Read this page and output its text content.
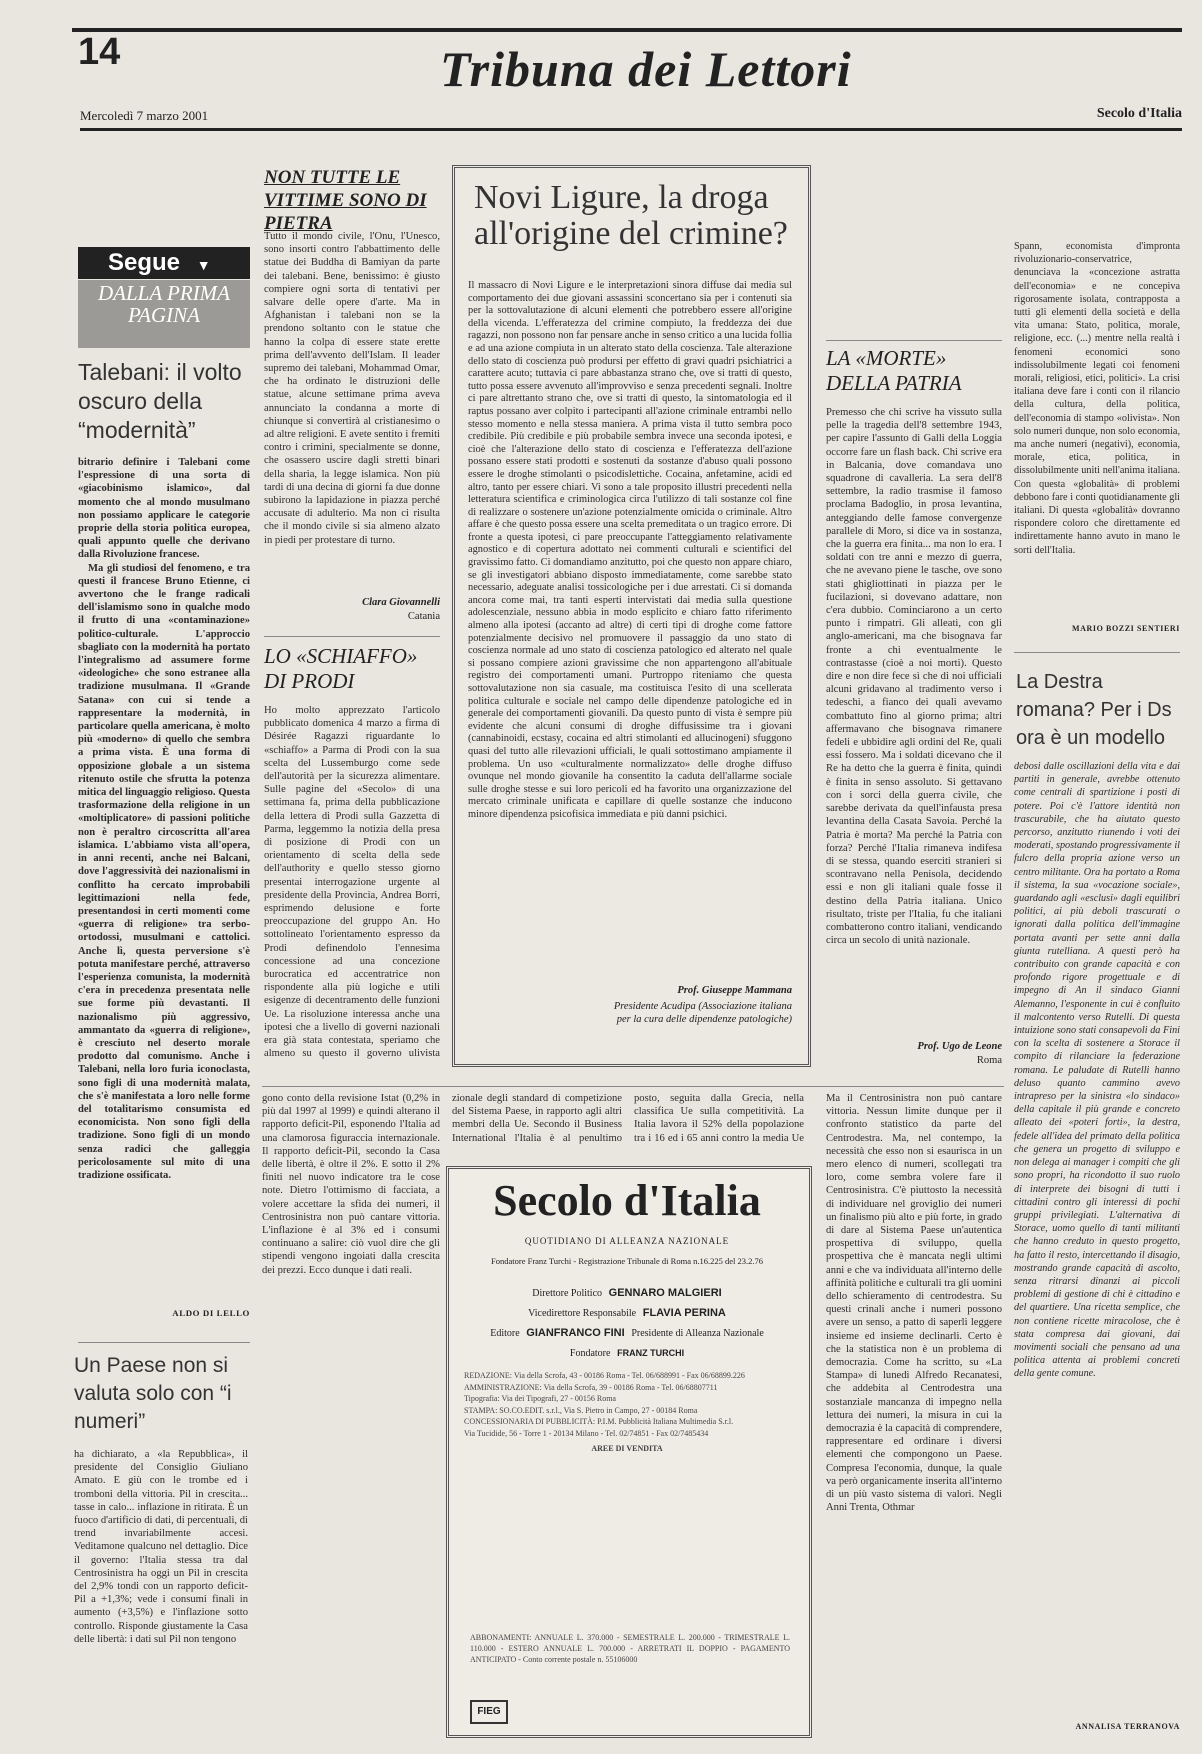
14	Tribuna dei Lettori
Mercoledì 7 marzo 2001	Secolo d'Italia
Segue ▼
DALLA PRIMA PAGINA
Talebani: il volto oscuro della “modernità”

bitrario definire i Talebani come l'espressione di una sorta di «giacobinismo islamico», dal momento che al mondo musulmano non possiamo applicare le categorie proprie della storia politica europea, quali appunto quelle che derivano dalla Rivoluzione francese.

Ma gli studiosi del fenomeno, e tra questi il francese Bruno Etienne, ci avvertono che le frange radicali dell'islamismo sono in qualche modo il frutto di una «contaminazione» politico-culturale. L'approccio sbagliato con la modernità ha portato l'integralismo ad assumere forme «ideologiche» che sono estranee alla tradizione musulmana. Il «Grande Satana» con cui si tende a rappresentare la modernità, in particolare quella americana, è molto più «moderno» di quello che sembra a prima vista. È una forma di opposizione globale a un sistema ritenuto ostile che sfrutta la potenza mitica del linguaggio religioso. Questa trasformazione della religione in un «moltiplicatore» di passioni politiche non è peraltro circoscritta all'area islamica. L'abbiamo vista all'opera, in anni recenti, anche nei Balcani, dove l'aggressività dei nazionalismi in conflitto ha cercato improbabili legittimazioni nella fede, presentandosi in certi momenti come «guerra di religione» tra serbo-ortodossi, musulmani e cattolici. Anche lì, questa perversione s'è potuta manifestare perché, attraverso l'esperienza comunista, la modernità c'era in precedenza presentata nelle sue forme più devastanti. Il nazionalismo più aggressivo, ammantato da «guerra di religione», è cresciuto nel deserto morale prodotto dal comunismo. Anche i Talebani, nella loro furia iconoclasta, sono figli di una modernità malata, che s'è manifestata a loro nelle forme del totalitarismo consumista ed economicista. Non sono figli della tradizione. Sono figli di un mondo senza radici che galleggia pericolosamente sul mito di una tradizione ossificata.

ALDO DI LELLO
Un Paese non si valuta solo con “i numeri”

ha dichiarato, a «la Repubblica», il presidente del Consiglio Giuliano Amato. E giù con le trombe ed i tromboni della vittoria. Pil in crescita... tasse in calo... inflazione in ritirata. È un fuoco d'artificio di dati, di percentuali, di trend invariabilmente accesi. Veditamone qualcuno nel dettaglio. Dice il governo: l'Italia stessa tra dal Centrosinistra ha oggi un Pil in crescita del 2,9% tondi con un rapporto deficit-Pil a +1,3%; vede i consumi finali in aumento (+3,5%) e l'inflazione sotto controllo. Risponde giustamente la Casa delle libertà: i dati sul Pil non tengono

NON TUTTE LE VITTIME SONO DI PIETRA

Tutto il mondo civile, l'Onu, l'Unesco, sono insorti contro l'abbattimento delle statue dei Buddha di Bamiyan da parte dei talebani. Bene, benissimo: è giusto compiere ogni sorta di tentativi per salvare delle opere d'arte. Ma in Afghanistan i talebani non se la prendono soltanto con le statue che hanno la colpa di essere state erette prima dell'avvento dell'Islam. Il leader supremo dei talebani, Mohammad Omar, che ha ordinato le distruzioni delle statue, alcune settimane prima aveva annunciato la condanna a morte di chiunque si convertirà al cristianesimo o ad altre religioni. E avete sentito i fremiti contro i crimini, specialmente se donne, che osassero uscire dagli stretti binari della sharia, la legge islamica. Non più tardi di una decina di giorni fa due donne subirono la lapidazione in piazza perché accusate di adulterio. Ma non ci risulta che il mondo civile si sia almeno alzato in piedi per protestare di turno.

Clara Giovannelli
Catania
LO «SCHIAFFO» DI PRODI

Ho molto apprezzato l'articolo pubblicato domenica 4 marzo a firma di Désirée Ragazzi riguardante lo «schiaffo» a Parma di Prodi con la sua scelta del Lussemburgo come sede dell'autorità per la sicurezza alimentare. Sulle pagine del «Secolo» di una settimana fa, prima della pubblicazione della lettera di Prodi sulla Gazzetta di Parma, leggemmo la notizia della presa di posizione di Prodi con un orientamento di scelta della sede dell'authority e quello stesso giorno presentai interrogazione urgente al presidente della Provincia, Andrea Borri, esprimendo delusione e forte preoccupazione del gruppo An. Ho sottolineato l'orientamento espresso da Prodi definendolo l'ennesima concessione ad una concezione burocratica ed accentratrice non rispondente alla più logiche e utili esigenze di decentramento delle funzioni Ue. La risoluzione interessa anche una ipotesi che a livello di governi nazionali era già stata contestata, speriamo che almeno su questo il governo ulivista

Novi Ligure, la droga all'origine del crimine?

Il massacro di Novi Ligure e le interpretazioni sinora diffuse dai media sul comportamento dei due giovani assassini sconcertano sia per i contenuti sia per la sottovalutazione di alcuni elementi che potrebbero essere all'origine della vicenda. L'efferatezza del crimine compiuto, la freddezza dei due ragazzi, non possono non far pensare anche in senso critico a una lucida follia e ad una azione compiuta in un alterato stato della coscienza. Tale alterazione dello stato di coscienza può prodursi per effetto di gravi quadri psichiatrici a carattere acuto; tuttavia ci pare abbastanza strano che, ove si tratti di questo, tutto possa essere avvenuto all'improvviso e senza precedenti segnali. Inoltre ci pare altrettanto strano che, ove si tratti di questo, la sintomatologia ed il raptus possano aver colpito i partecipanti all'azione criminale entrambi nello stesso momento e nella stessa maniera. A prima vista il tutto sembra poco credibile. Più credibile e più probabile sembra invece una seconda ipotesi, e cioè che l'alterazione dello stato di coscienza e l'efferatezza dell'azione possano essere stati prodotti e sostenuti da sostanze d'abuso quali possono essere le droghe stimolanti o psicodislettiche. Cocaina, anfetamine, acidi ed altro, tanto per essere chiari. Vi sono a tale proposito illustri precedenti nella letteratura scientifica e criminologica circa l'utilizzo di tali sostanze col fine di realizzare o sostenere un'azione potenzialmente omicida o criminale. Altro affare è che questo possa essere una scelta premeditata o un tragico errore. Di fronte a questa ipotesi, ci pare preoccupante l'atteggiamento relativamente agnostico e di copertura adottato nei commenti culturali e scientifici del gravissimo fatto. Ci domandiamo anzitutto, poi che questo non appare chiaro, se gli investigatori abbiano disposto immediatamente, come sarebbe stato necessario, adeguate analisi tossicologiche per i due arrestati. Ci si domanda ancora come mai, tra tanti esperti intervistati dai media sulla questione adolescenziale, nessuno abbia in modo esplicito e chiaro fatto riferimento almeno alla ipotesi (accanto ad altre) di certi tipi di droghe come fattore potenzialmente decisivo nel promuovere il passaggio da uno stato di coscienza normale ad uno stato di coscienza patologico ed alterato nel quale si possano compiere azioni gravissime che non appartengono all'abituale registro dei comportamenti umani. Purtroppo riteniamo che questa sottovalutazione non sia casuale, ma costituisca l'esito di una scellerata politica culturale e sociale nel campo delle dipendenze patologiche ed in generale dei comportamenti giovanili. Da questo punto di vista è sempre più evidente che alcuni consumi di droghe diffusissime tra i giovani (cannabinoidi, ecstasy, cocaina ed altri stimolanti ed allucinogeni) sfuggono quasi del tutto alle rilevazioni ufficiali, le quali sottostimano ampiamente il problema. Un uso «culturalmente normalizzato» delle droghe diffuso ovunque nel mondo giovanile ha consentito la caduta dell'allarme sociale sulle droghe stesse e sui loro pericoli ed ha favorito una organizzazione del mercato criminale unificata e capillare di quelle sostanze che inducono minore dipendenza psicofisica immediata e più danni psichici.

Prof. Giuseppe Mammana
Presidente Acudipa (Associazione italiana per la cura delle dipendenze patologiche)

LA «MORTE» DELLA PATRIA

Premesso che chi scrive ha vissuto sulla pelle la tragedia dell'8 settembre 1943, per capire l'assunto di Galli della Loggia occorre fare un flash back. Chi scrive era in Balcania, dove comandava uno squadrone di cavalleria. La sera dell'8 settembre, la radio trasmise il famoso proclama Badoglio, in prosa levantina, anteggiando delle famose convergenze parallele di Moro, si dice va in sostanza, che la guerra era finita... ma non lo era. I soldati con tre anni e mezzo di guerra, che ne avevano piene le tasche, ove sono stati ghigliottinati in piazza per le fucilazioni, si dovevano adattare, non c'era dubbio. Cominciarono a un certo punto i rimpatri. Gli alleati, con gli anglo-americani, ma che bisognava far fronte a chi eventualmente le contrastasse (cioè a noi morti). Questo dire e non dire fece sì che di noi ufficiali alcuni gridavano al tradimento verso i tedeschi, a fianco dei quali avevamo combattuto fino al giorno prima; altri affermavano che bisognava rimanere fedeli e ubbidire agli ordini del Re, quali essi fossero. Ma i soldati dicevano che il Re ha detto che la guerra è finita, quindi è finita in senso assoluto. Si gettavano con i sorci della guerra civile, che sarebbe derivata da quell'infausta presa levantina della Casata Savoia. Perché la Patria è morta? Ma perché la Patria con forza? Perché l'Italia rimaneva indifesa di se stessa, quando eserciti stranieri si scontravano nella Penisola, decidendo essi e non gli italiani quale fosse il destino della Patria italiana. Unico risultato, triste per l'Italia, fu che italiani combatterono contro italiani, vendicando circa un secolo di unità nazionale.

Prof. Ugo de Leone
Roma

Spann, economista d'impronta rivoluzionario-conservatrice, denunciava la «concezione astratta dell'economia» e ne concepiva rigorosamente isolata, contrapposta a tutti gli elementi della società e della vita umana: Stato, politica, morale, religione, ecc. (...) mentre nella realtà i fenomeni economici sono indissolubilmente legati coi fenomeni morali, religiosi, etici, politici». La crisi italiana deve fare i conti con il rilancio della cultura, della politica, dell'economia di stampo «olivista». Non solo numeri dunque, non solo economia, ma anche numeri (negativi), economia, morale, etica, politica, in dissolubilmente uniti nell'anima italiana. Con questa «globalità» di problemi debbono fare i conti quotidianamente gli italiani. Di questa «globalità» dovranno rispondere coloro che direttamente ed indirettamente hanno avuto in mano le sorti dell'Italia.

MARIO BOZZI SENTIERI
La Destra romana? Per i Ds ora è un modello

debosi dalle oscillazioni della vita e dai partiti in generale, avrebbe ottenuto come centrali di spartizione i posti di potere. Poi c'è l'attore identità non trascurabile, che ha aiutato questo percorso, anzitutto riunendo i voti dei moderati, spostando progressivamente il fulcro della propria azione verso un centro militante. Ora ha portato a Roma il sistema, la sua «vocazione sociale», guardando agli «esclusi» dagli equilibri politici, ai più deboli trascurati o ignorati dalla politica dell'immagine portata avanti per sette anni dalla giunta rutelliana. A questi però ha contribuito con grande capacità e con profondo rigore progettuale e di impegno di An il sindaco Gianni Alemanno, l'esponente in cui è confluito il malcontento verso Rutelli. Di questa intuizione sono stati consapevoli da Fini con la scelta di sostenere a Storace il compito di rilanciare la federazione romana. Le paludate di Rutelli hanno deluso quanto cammino avevo intrapreso per la sinistra «lo sindaco» della capitale il più grande e concreto alleato dei «poteri forti», la destra, fedele all'idea del primato della politica che genera un progetto di sviluppo e non delega ai manager i compiti che gli sono propri, ha ricondotto il suo ruolo di interprete dei bisogni di tutti i cittadini contro gli interessi di pochi gruppi privilegiati. L'alternativa di Storace, uomo quello di tanti militanti che hanno creduto in questo progetto, ha fatto il resto, intercettando il disagio, mostrando grande capacità di ascolto, senza ritrarsi dinanzi ai piccoli problemi di gestione di chi è cittadino e del quartiere. Una ricetta semplice, che non contiene ricette miracolose, che è stata compresa dai giovani, dai movimenti sociali che pensano ad una politica attenta ai problemi concreti della gente comune.

ANNALISA TERRANOVA

gono conto della revisione Istat (0,2% in più dal 1997 al 1999) e quindi alterano il rapporto deficit-Pil, esponendo l'Italia ad una clamorosa figuraccia internazionale. Il rapporto deficit-Pil, secondo la Casa delle libertà, è oltre il 2%. E sotto il 2% finiti nel nuovo indicatore tra le cose note. Dietro l'ottimismo di facciata, a volere accettare la sfida dei numeri, il Centrosinistra non può cantare vittoria. L'inflazione è al 3% ed i consumi continuano a salire: ciò vuol dire che gli stipendi vengono ingoiati dalla crescita dei prezzi. Ecco dunque i dati reali.

zionale degli standard di competizione del Sistema Paese, in rapporto agli altri membri della Ue. Secondo il Business International l'Italia è al penultimo posto, seguita dalla Grecia, nella classifica Ue sulla competitività. La Italia lavora il 52% della popolazione tra i 16 ed i 65 anni contro la media Ue

Ma il Centrosinistra non può cantare vittoria. Nessun limite dunque per il confronto statistico da parte del Centrodestra. Ma, nel contempo, la necessità che esso non si esaurisca in un mero elenco di numeri, scollegati tra loro, come sembra volere fare il Centrosinistra. C'è piuttosto la necessità di individuare nel groviglio dei numeri un finalismo più alto e più forte, in grado di dare al Sistema Paese un'autentica prospettiva di sviluppo, quella prospettiva che è mancata negli ultimi anni e che va individuata all'interno delle affinità politiche e culturali tra gli uomini dello schieramento di centrodestra. Su questi crinali anche i numeri possono avere un senso, a patto di saperli leggere insieme ed insieme declinarli. Certo è che la statistica non è un problema di democrazia. Come ha scritto, su «La Stampa» di lunedì Alfredo Recanatesi, che addebita al Centrodestra una sostanziale mancanza di impegno nella lettura dei numeri, la misura in cui la democrazia è la capacità di comprendere, rappresentare ed ordinare i diversi elementi che compongono un Paese. Compresa l'economia, dunque, la quale va però organicamente inserita all'interno di un più vasto sistema di valori. Negli Anni Trenta, Othmar

Secolo d'Italia
QUOTIDIANO DI ALLEANZA NAZIONALE
Fondatore Franz Turchi - Registrazione Tribunale di Roma n.16.225 del 23.2.76
Direttore Politico GENNARO MALGIERI
Vicedirettore Responsabile FLAVIA PERINA
Editore GIANFRANCO FINI Presidente di Alleanza Nazionale
Fondatore FRANZ TURCHI
REDAZIONE: Via della Scrofa, 43 - 00186 Roma - Tel. 06/688991 - Fax 06/68899.226
AMMINISTRAZIONE: Via della Scrofa, 39 - 00186 Roma - Tel. 06/68807711
Tipografia: Via dei Tipografi, 27 - 00156 Roma
STAMPA: SO.CO.EDIT. s.r.l., Via S. Pietro in Campo, 27 - 00184 Roma
CONCESSIONARIA DI PUBBLICITÀ: P.I.M. Pubblicità Italiana Multimedia S.r.l.
Via Tucidide, 56 - Torre 1 - 20134 Milano - Tel. 02/74851 - Fax 02/7485434
AREE DI VENDITA
ABBONAMENTI: ANNUALE L. 370.000 - SEMESTRALE L. 200.000 - TRIMESTRALE L. 110.000 - ESTERO ANNUALE L. 700.000 - ARRETRATI IL DOPPIO - PAGAMENTO ANTICIPATO - Conto corrente postale n. 55106000
FIEG
